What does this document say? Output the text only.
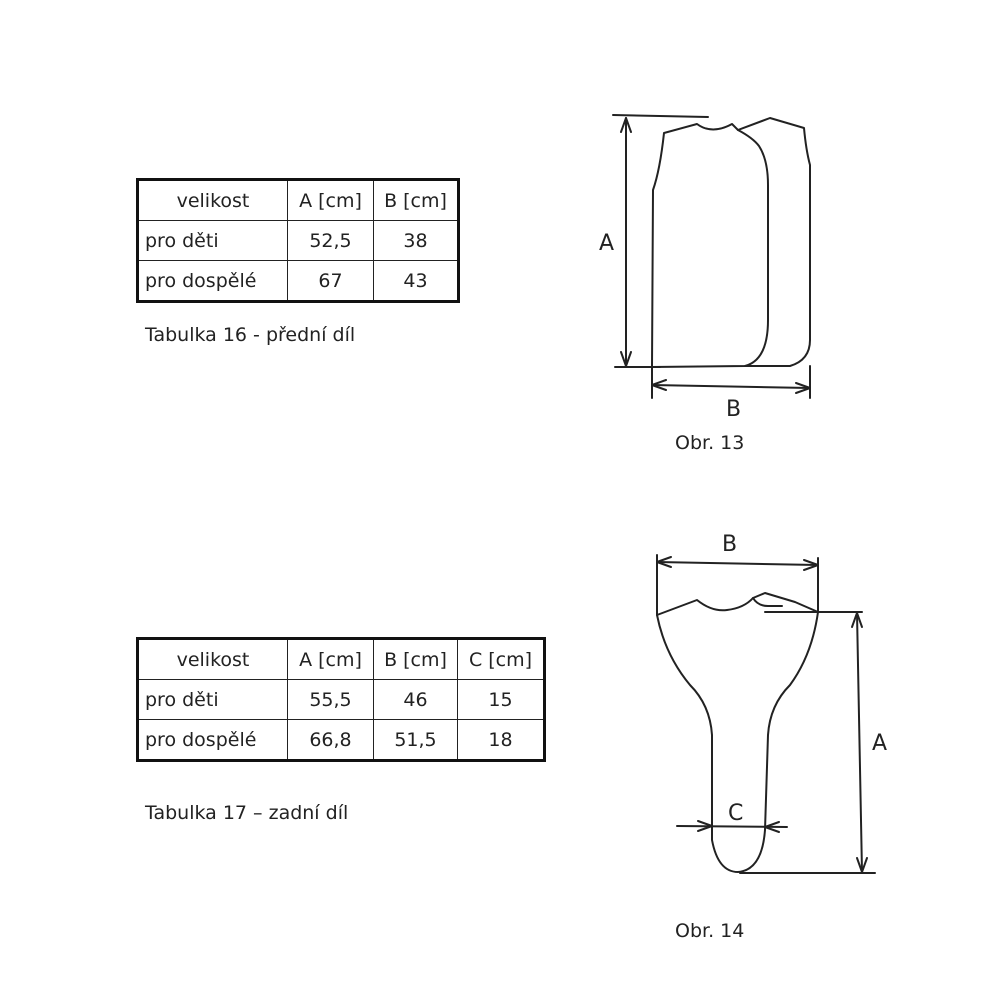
velikost	A [cm]	B [cm]
pro děti	52,5	38
pro dospělé	67	43
Tabulka 16 - přední díl
velikost	A [cm]	B [cm]	C [cm]
pro děti	55,5	46	15
pro dospělé	66,8	51,5	18
Tabulka 17 – zadní díl
A
B
B
A
C
Obr. 13
Obr. 14
